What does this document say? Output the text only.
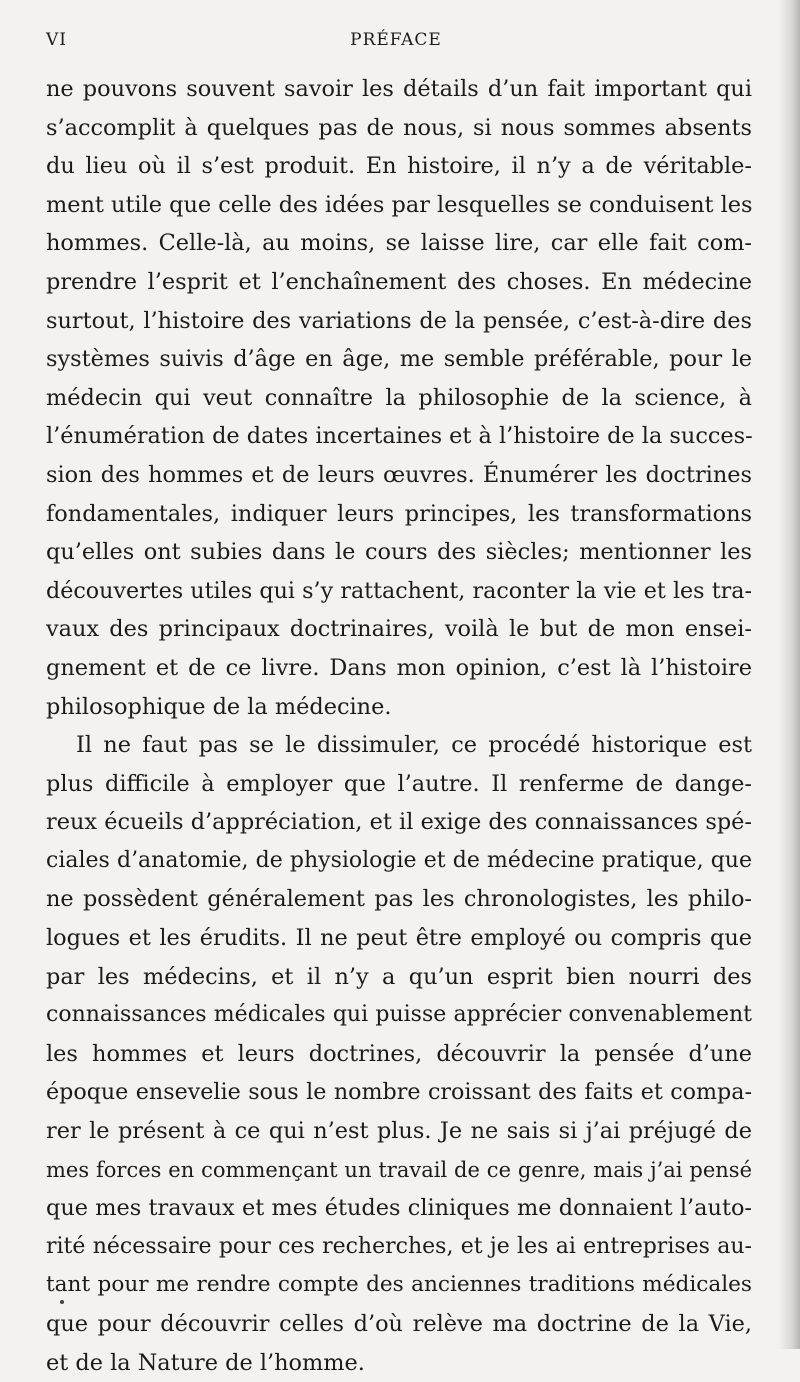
VI	PRÉFACE
ne pouvons souvent savoir les détails d’un fait important qui
s’accomplit à quelques pas de nous, si nous sommes absents
du lieu où il s’est produit. En histoire, il n’y a de véritable-
ment utile que celle des idées par lesquelles se conduisent les
hommes. Celle-là, au moins, se laisse lire, car elle fait com-
prendre l’esprit et l’enchaînement des choses. En médecine
surtout, l’histoire des variations de la pensée, c’est-à-dire des
systèmes suivis d’âge en âge, me semble préférable, pour le
médecin qui veut connaître la philosophie de la science, à
l’énumération de dates incertaines et à l’histoire de la succes-
sion des hommes et de leurs œuvres. Énumérer les doctrines
fondamentales, indiquer leurs principes, les transformations
qu’elles ont subies dans le cours des siècles; mentionner les
découvertes utiles qui s’y rattachent, raconter la vie et les tra-
vaux des principaux doctrinaires, voilà le but de mon ensei-
gnement et de ce livre. Dans mon opinion, c’est là l’histoire
philosophique de la médecine.
Il ne faut pas se le dissimuler, ce procédé historique est
plus difficile à employer que l’autre. Il renferme de dange-
reux écueils d’appréciation, et il exige des connaissances spé-
ciales d’anatomie, de physiologie et de médecine pratique, que
ne possèdent généralement pas les chronologistes, les philo-
logues et les érudits. Il ne peut être employé ou compris que
par les médecins, et il n’y a qu’un esprit bien nourri des
connaissances médicales qui puisse apprécier convenablement
les hommes et leurs doctrines, découvrir la pensée d’une
époque ensevelie sous le nombre croissant des faits et compa-
rer le présent à ce qui n’est plus. Je ne sais si j’ai préjugé de
mes forces en commençant un travail de ce genre, mais j’ai pensé
que mes travaux et mes études cliniques me donnaient l’auto-
rité nécessaire pour ces recherches, et je les ai entreprises au-
tant pour me rendre compte des anciennes traditions médicales
que pour découvrir celles d’où relève ma doctrine de la Vie,
et de la Nature de l’homme.
